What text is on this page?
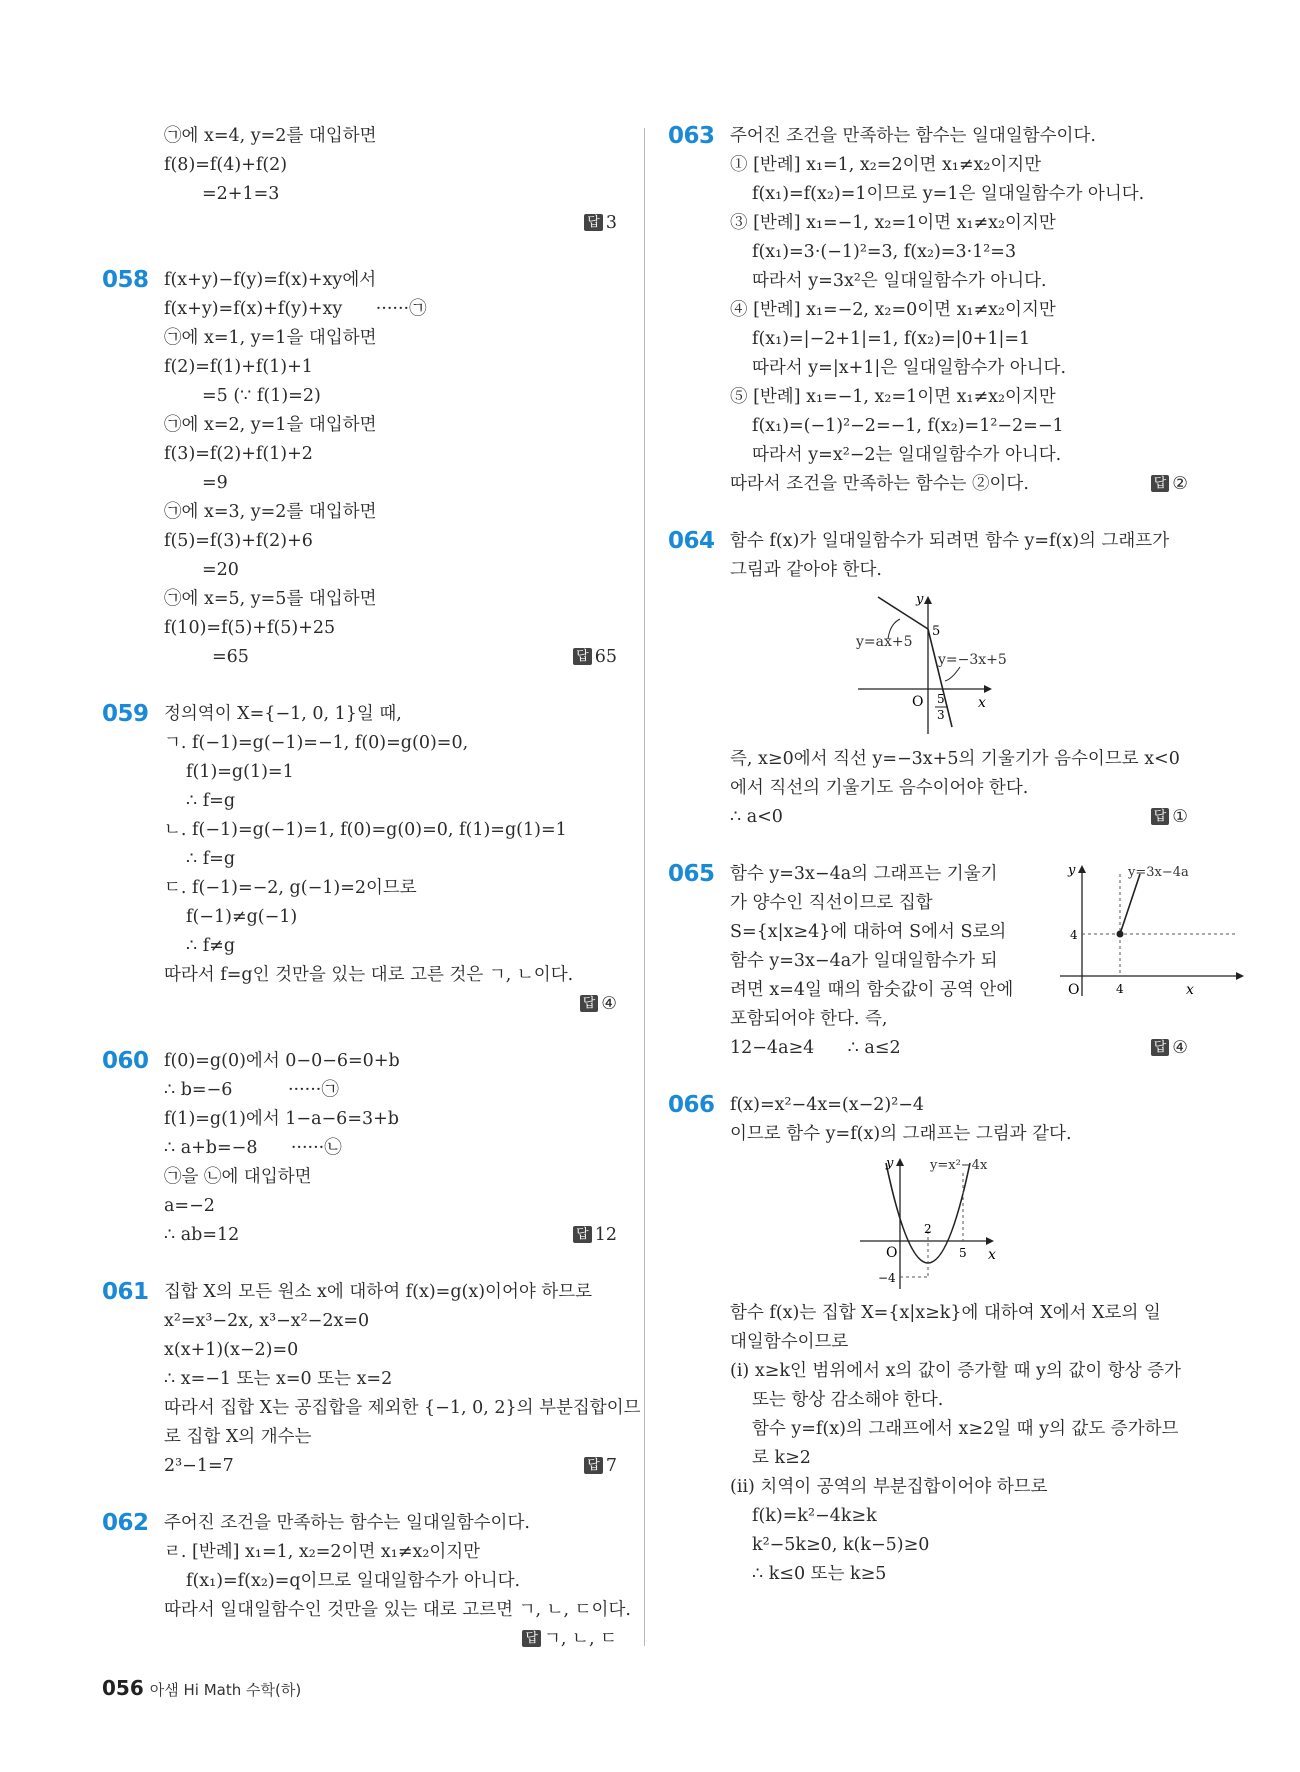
㉠에 x=4, y=2를 대입하면
f(8)=f(4)+f(2)
=2+1=3
답 3
058 f(x+y)−f(y)=f(x)+xy에서
f(x+y)=f(x)+f(y)+xy      ······㉠
㉠에 x=1, y=1을 대입하면
f(2)=f(1)+f(1)+1
=5 (∵ f(1)=2)
㉠에 x=2, y=1을 대입하면
f(3)=f(2)+f(1)+2
=9
㉠에 x=3, y=2를 대입하면
f(5)=f(3)+f(2)+6
=20
㉠에 x=5, y=5를 대입하면
f(10)=f(5)+f(5)+25
=65	답 65
059 정의역이 X={−1, 0, 1}일 때,
ㄱ. f(−1)=g(−1)=−1, f(0)=g(0)=0,
f(1)=g(1)=1
∴ f=g
ㄴ. f(−1)=g(−1)=1, f(0)=g(0)=0, f(1)=g(1)=1
∴ f=g
ㄷ. f(−1)=−2, g(−1)=2이므로
f(−1)≠g(−1)
∴ f≠g
따라서 f=g인 것만을 있는 대로 고른 것은 ㄱ, ㄴ이다.
답 ④
060 f(0)=g(0)에서 0−0−6=0+b
∴ b=−6          ······㉠
f(1)=g(1)에서 1−a−6=3+b
∴ a+b=−8      ······㉡
㉠을 ㉡에 대입하면
a=−2
∴ ab=12	답 12
061 집합 X의 모든 원소 x에 대하여 f(x)=g(x)이어야 하므로
x²=x³−2x, x³−x²−2x=0
x(x+1)(x−2)=0
∴ x=−1 또는 x=0 또는 x=2
따라서 집합 X는 공집합을 제외한 {−1, 0, 2}의 부분집합이므
로 집합 X의 개수는
2³−1=7	답 7
062 주어진 조건을 만족하는 함수는 일대일함수이다.
ㄹ. [반례] x₁=1, x₂=2이면 x₁≠x₂이지만
f(x₁)=f(x₂)=q이므로 일대일함수가 아니다.
따라서 일대일함수인 것만을 있는 대로 고르면 ㄱ, ㄴ, ㄷ이다.
답 ㄱ, ㄴ, ㄷ
063 주어진 조건을 만족하는 함수는 일대일함수이다.
① [반례] x₁=1, x₂=2이면 x₁≠x₂이지만
f(x₁)=f(x₂)=1이므로 y=1은 일대일함수가 아니다.
③ [반례] x₁=−1, x₂=1이면 x₁≠x₂이지만
f(x₁)=3·(−1)²=3, f(x₂)=3·1²=3
따라서 y=3x²은 일대일함수가 아니다.
④ [반례] x₁=−2, x₂=0이면 x₁≠x₂이지만
f(x₁)=|−2+1|=1, f(x₂)=|0+1|=1
따라서 y=|x+1|은 일대일함수가 아니다.
⑤ [반례] x₁=−1, x₂=1이면 x₁≠x₂이지만
f(x₁)=(−1)²−2=−1, f(x₂)=1²−2=−1
따라서 y=x²−2는 일대일함수가 아니다.
따라서 조건을 만족하는 함수는 ②이다.	답 ②
064 함수 f(x)가 일대일함수가 되려면 함수 y=f(x)의 그래프가
그림과 같아야 한다.
y
x
O
y=ax+5
y=−3x+5
5
5
3
즉, x≥0에서 직선 y=−3x+5의 기울기가 음수이므로 x<0
에서 직선의 기울기도 음수이어야 한다.
∴ a<0	답 ①
065 함수 y=3x−4a의 그래프는 기울기
가 양수인 직선이므로 집합
S={x|x≥4}에 대하여 S에서 S로의
함수 y=3x−4a가 일대일함수가 되
려면 x=4일 때의 함숫값이 공역 안에
포함되어야 한다. 즉,
12−4a≥4      ∴ a≤2
y
x
O	4
4
y=3x−4a
답 ④
066 f(x)=x²−4x=(x−2)²−4
이므로 함수 y=f(x)의 그래프는 그림과 같다.
y
x
O
2
5
−4
y=x²−4x
함수 f(x)는 집합 X={x|x≥k}에 대하여 X에서 X로의 일
대일함수이므로
(ⅰ) x≥k인 범위에서 x의 값이 증가할 때 y의 값이 항상 증가
또는 항상 감소해야 한다.
함수 y=f(x)의 그래프에서 x≥2일 때 y의 값도 증가하므
로 k≥2
(ⅱ) 치역이 공역의 부분집합이어야 하므로
f(k)=k²−4k≥k
k²−5k≥0, k(k−5)≥0
∴ k≤0 또는 k≥5
056 아샘 Hi Math 수학(하)
